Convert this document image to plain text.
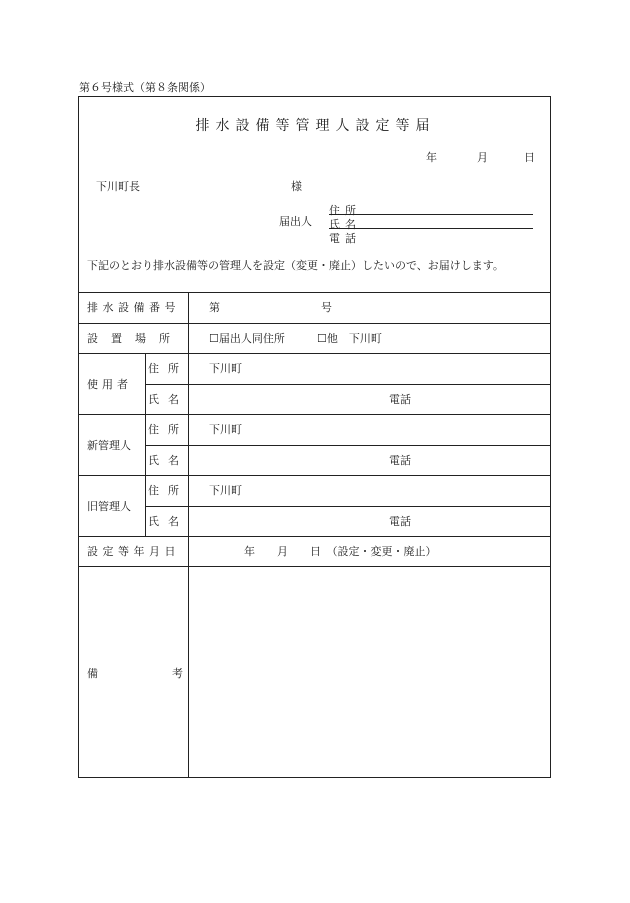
第６号様式（第８条関係）
排水設備等管理人設定等届
年	月	日
下川町長	様
届出人
住所
氏名
電話
下記のとおり排水設備等の管理人を設定（変更・廃止）したいので、お届けします。
排水設備番号	第	号
設置場所 ☐届出人同住所	☐他　下川町
使用者
住所 下川町
氏名	電話
新管理人
住所 下川町
氏名	電話
旧管理人
住所 下川町
氏名	電話
設定等年月日	年　　月　　日　（設定・変更・廃止）
備	考
